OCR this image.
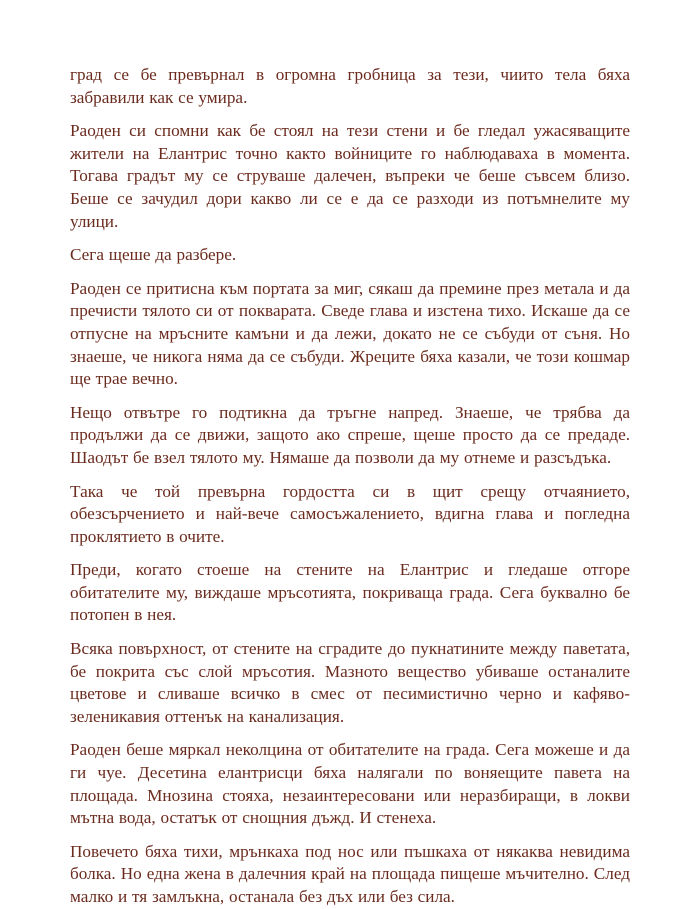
град се бе превърнал в огромна гробница за тези, чиито тела бяха забравили как се умира.

Раоден си спомни как бе стоял на тези стени и бе гледал ужасяващите жители на Елантрис точно както войниците го наблюдаваха в момента. Тогава градът му се струваше далечен, въпреки че беше съвсем близо. Беше се зачудил дори какво ли се е да се разходи из потъмнелите му улици.

Сега щеше да разбере.

Раоден се притисна към портата за миг, сякаш да премине през метала и да пречисти тялото си от покварата. Сведе глава и изстена тихо. Искаше да се отпусне на мръсните камъни и да лежи, докато не се събуди от съня. Но знаеше, че никога няма да се събуди. Жреците бяха казали, че този кошмар ще трае вечно.

Нещо отвътре го подтикна да тръгне напред. Знаеше, че трябва да продължи да се движи, защото ако спреше, щеше просто да се предаде. Шаодът бе взел тялото му. Нямаше да позволи да му отнеме и разсъдъка.

Така че той превърна гордостта си в щит срещу отчаянието, обезсърчението и най-вече самосъжалението, вдигна глава и погледна проклятието в очите.

Преди, когато стоеше на стените на Елантрис и гледаше отгоре обитателите му, виждаше мръсотията, покриваща града. Сега буквално бе потопен в нея.

Всяка повърхност, от стените на сградите до пукнатините между паветата, бе покрита със слой мръсотия. Мазното вещество убиваше останалите цветове и сливаше всичко в смес от песимистично черно и кафяво-зеленикавия оттенък на канализация.

Раоден беше мяркал неколцина от обитателите на града. Сега можеше и да ги чуе. Десетина елантрисци бяха налягали по воняещите павета на площада. Мнозина стояха, незаинтересовани или неразбиращи, в локви мътна вода, остатък от снощния дъжд. И стенеха.

Повечето бяха тихи, мрънкаха под нос или пъшкаха от някаква невидима болка. Но една жена в далечния край на площада пищеше мъчително. След малко и тя замлъкна, останала без дъх или без сила.
